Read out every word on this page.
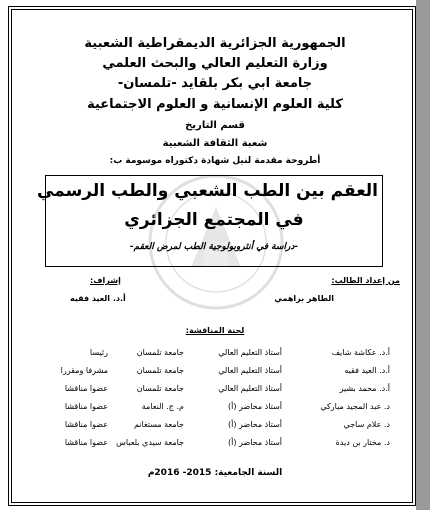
الجمهورية الجزائرية الديمقراطية الشعبية
وزارة التعليم العالي والبحث العلمي
جامعة ابي بكر بلقايد -تلمسان-
كلية العلوم الإنسانية و العلوم الاجتماعية
قسم التاريخ
شعبة الثقافة الشعبية
أطروحة مقدمة لنيل شهادة دكتوراه موسومة ب:
العقم بين الطب الشعبي والطب الرسمي
في المجتمع الجزائري
-دراسة في أنثروبولوجية الطب لمرض العقم-
من إعداد الطالب:
الطاهر براهمي
إشراف:
أ.د. العيد فقيه
لجنة المناقشة:
أ.د. عكاشة شايف
أستاذ التعليم العالي
جامعة تلمسان
رئيسا
أ.د. العيد فقيه
أستاذ التعليم العالي
جامعة تلمسان
مشرفا ومقررا
أ.د. محمد بشير
أستاذ التعليم العالي
جامعة تلمسان
عضوا مناقشا
د. عبد المجيد مباركي
أستاذ محاضر (أ)
م. ج. النعامة
عضوا مناقشا
د. علام ساجي
أستاذ محاضر (أ)
جامعة مستغانم
عضوا مناقشا
د. مختار بن ديدة
أستاذ محاضر (أ)
جامعة سيدي بلعباس
عضوا مناقشا
السنة الجامعية: 2015- 2016م
